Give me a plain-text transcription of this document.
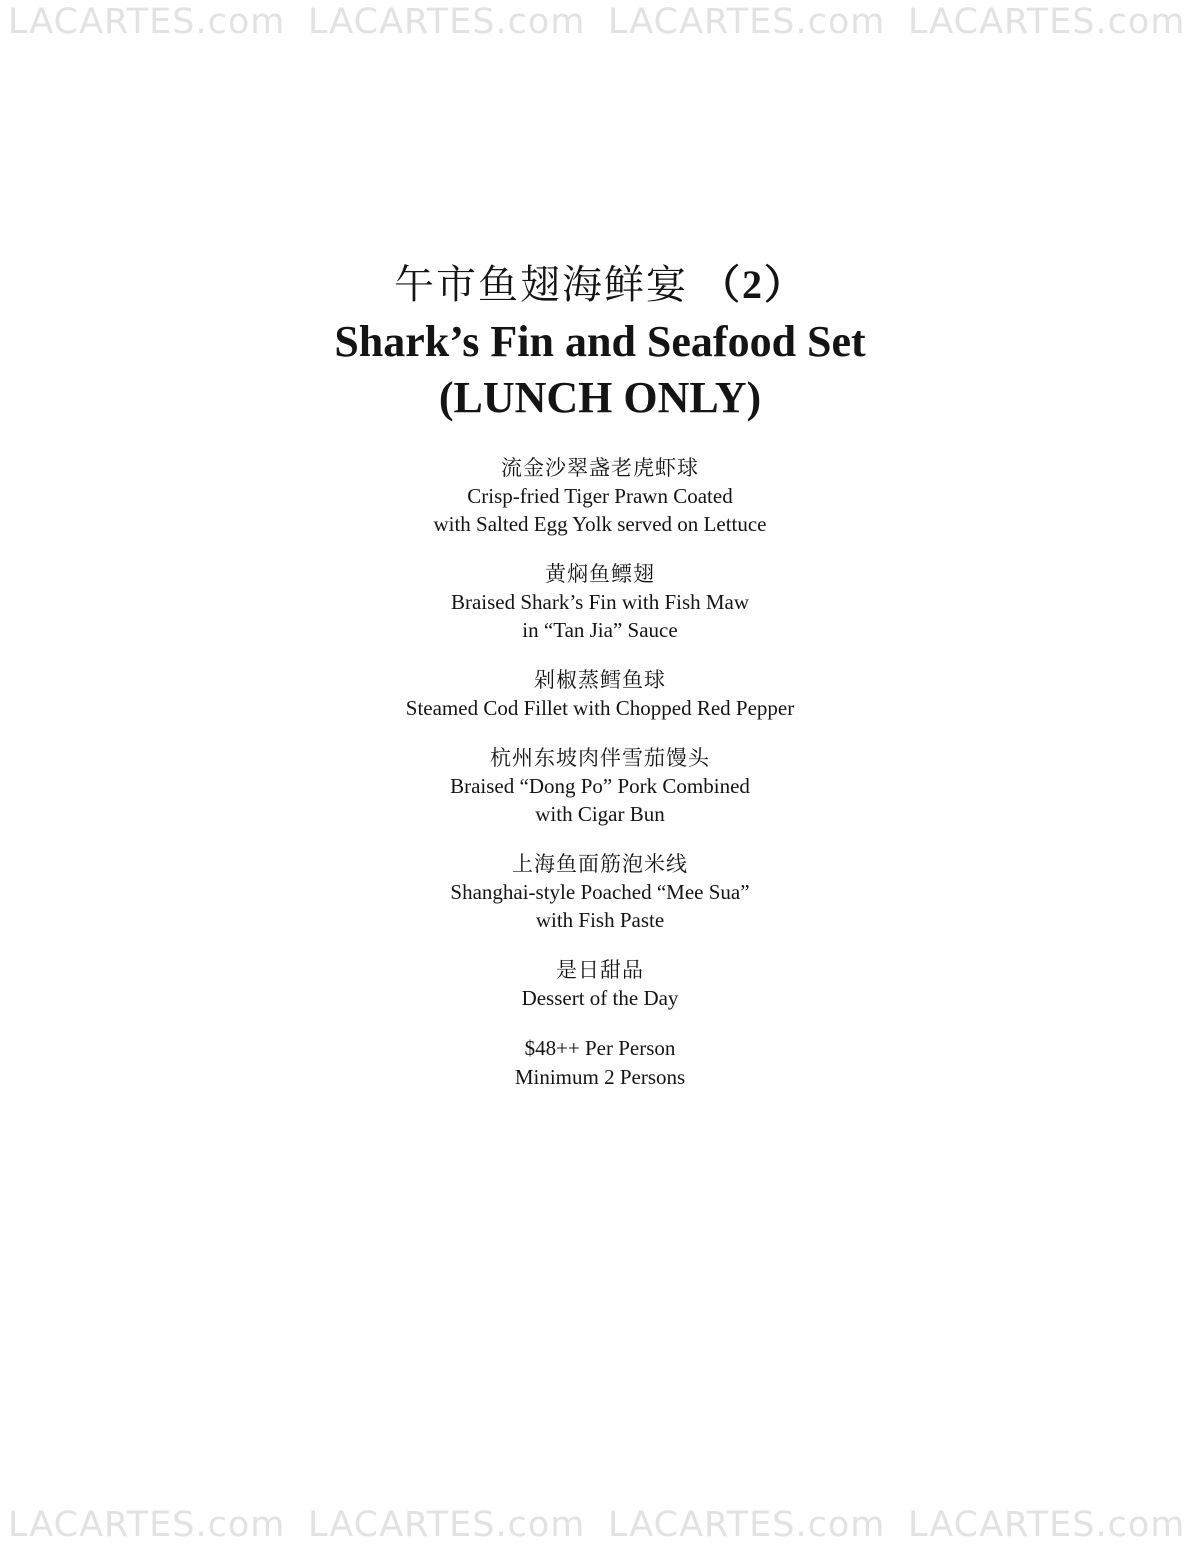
LACARTES.com LACARTES.com LACARTES.com LACARTES.com
午市鱼翅海鲜宴 （2）
Shark’s Fin and Seafood Set
(LUNCH ONLY)
流金沙翠盏老虎虾球
Crisp-fried Tiger Prawn Coated
with Salted Egg Yolk served on Lettuce
黄焖鱼鳔翅
Braised Shark’s Fin with Fish Maw
in “Tan Jia” Sauce
剁椒蒸鳕鱼球
Steamed Cod Fillet with Chopped Red Pepper
杭州东坡肉伴雪茄馒头
Braised “Dong Po” Pork Combined
with Cigar Bun
上海鱼面筋泡米线
Shanghai-style Poached “Mee Sua”
with Fish Paste
是日甜品
Dessert of the Day
$48++ Per Person
Minimum 2 Persons
LACARTES.com LACARTES.com LACARTES.com LACARTES.com
